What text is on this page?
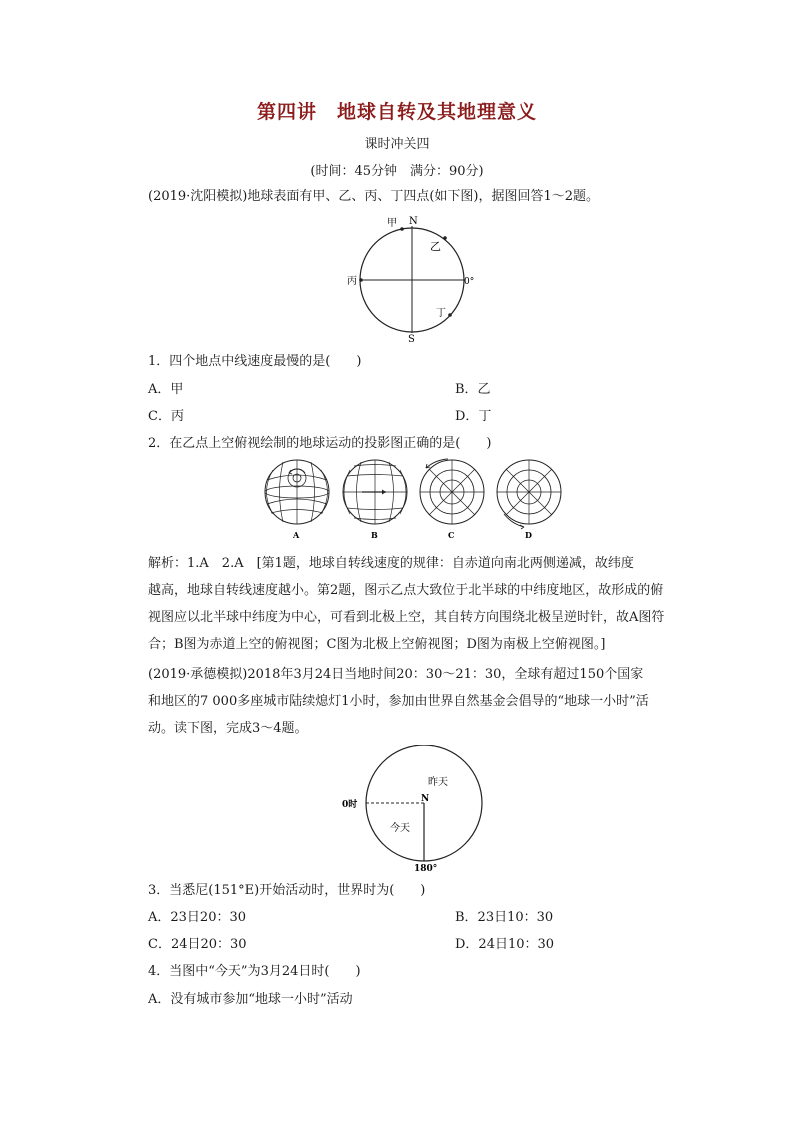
第四讲　地球自转及其地理意义
课时冲关四
(时间：45分钟　满分：90分)
(2019·沈阳模拟)地球表面有甲、乙、丙、丁四点(如下图)，据图回答1～2题。
N
S
甲
乙
丙
丁
0°
1．四个地点中线速度最慢的是(　　)
A．甲	B．乙
C．丙	D．丁
2．在乙点上空俯视绘制的地球运动的投影图正确的是(　　)
A	B	C	D
解析：1.A　2.A　[第1题，地球自转线速度的规律：自赤道向南北两侧递减，故纬度
越高，地球自转线速度越小。第2题，图示乙点大致位于北半球的中纬度地区，故形成的俯
视图应以北半球中纬度为中心，可看到北极上空，其自转方向围绕北极呈逆时针，故A图符
合；B图为赤道上空的俯视图；C图为北极上空俯视图；D图为南极上空俯视图。]
(2019·承德模拟)2018年3月24日当地时间20：30～21：30，全球有超过150个国家
和地区的7 000多座城市陆续熄灯1小时，参加由世界自然基金会倡导的“地球一小时”活
动。读下图，完成3～4题。
0时
N
昨天
今天
180°
3．当悉尼(151°E)开始活动时，世界时为(　　)
A．23日20：30	B．23日10：30
C．24日20：30	D．24日10：30
4．当图中“今天”为3月24日时(　　)
A．没有城市参加“地球一小时”活动
